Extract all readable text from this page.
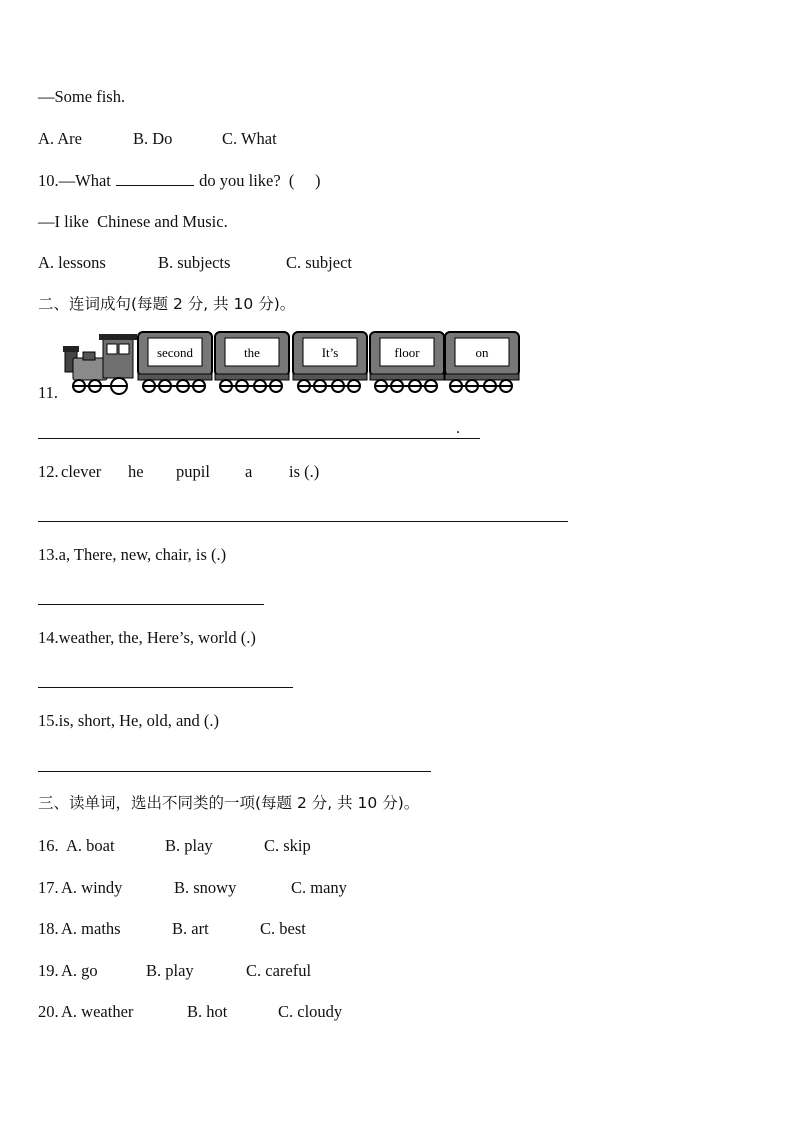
—Some fish.
A. Are	B. Do	C. What
10.—What	do you like?  (     )
—I like  Chinese and Music.
A. lessons	B. subjects	C. subject
二、连词成句(每题 2 分, 共 10 分)。
11.
second	the	It’s	floor	on
.
12. clever he pupil a is (.)
13.a, There, new, chair, is (.)
14.weather, the, Here’s, world (.)
15.is, short, He, old, and (.)
三、读单词，选出不同类的一项(每题 2 分, 共 10 分)。
16. A. boat	B. play	C. skip
17. A. windy	B. snowy	C. many
18. A. maths	B. art	C. best
19. A. go	B. play	C. careful
20. A. weather	B. hot	C. cloudy
